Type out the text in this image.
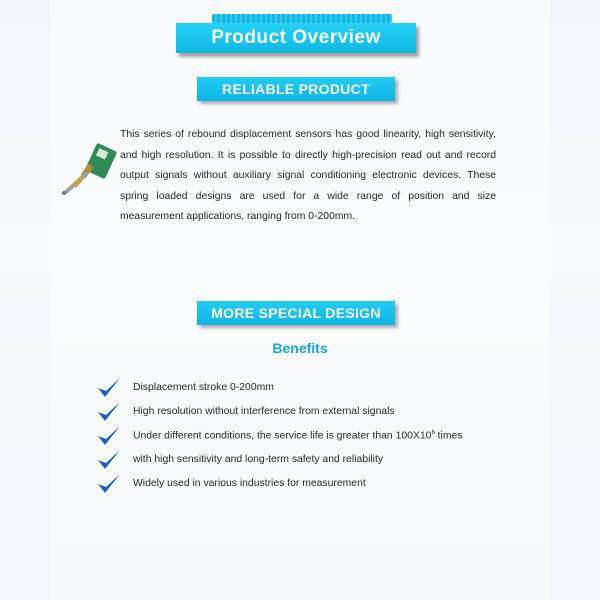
Product Overview
RELIABLE PRODUCT
This series of rebound displacement sensors has good linearity, high sensitivity, and high resolution. It is possible to directly high-precision read out and record output signals without auxiliary signal conditioning electronic devices. These spring loaded designs are used for a wide range of position and size measurement applications, ranging from 0-200mm.
MORE SPECIAL DESIGN
Benefits
Displacement stroke 0-200mm
High resolution without interference from external signals
Under different conditions, the service life is greater than $100X10^6$ times
with high sensitivity and long-term safety and reliability
Widely used in various industries for measurement
